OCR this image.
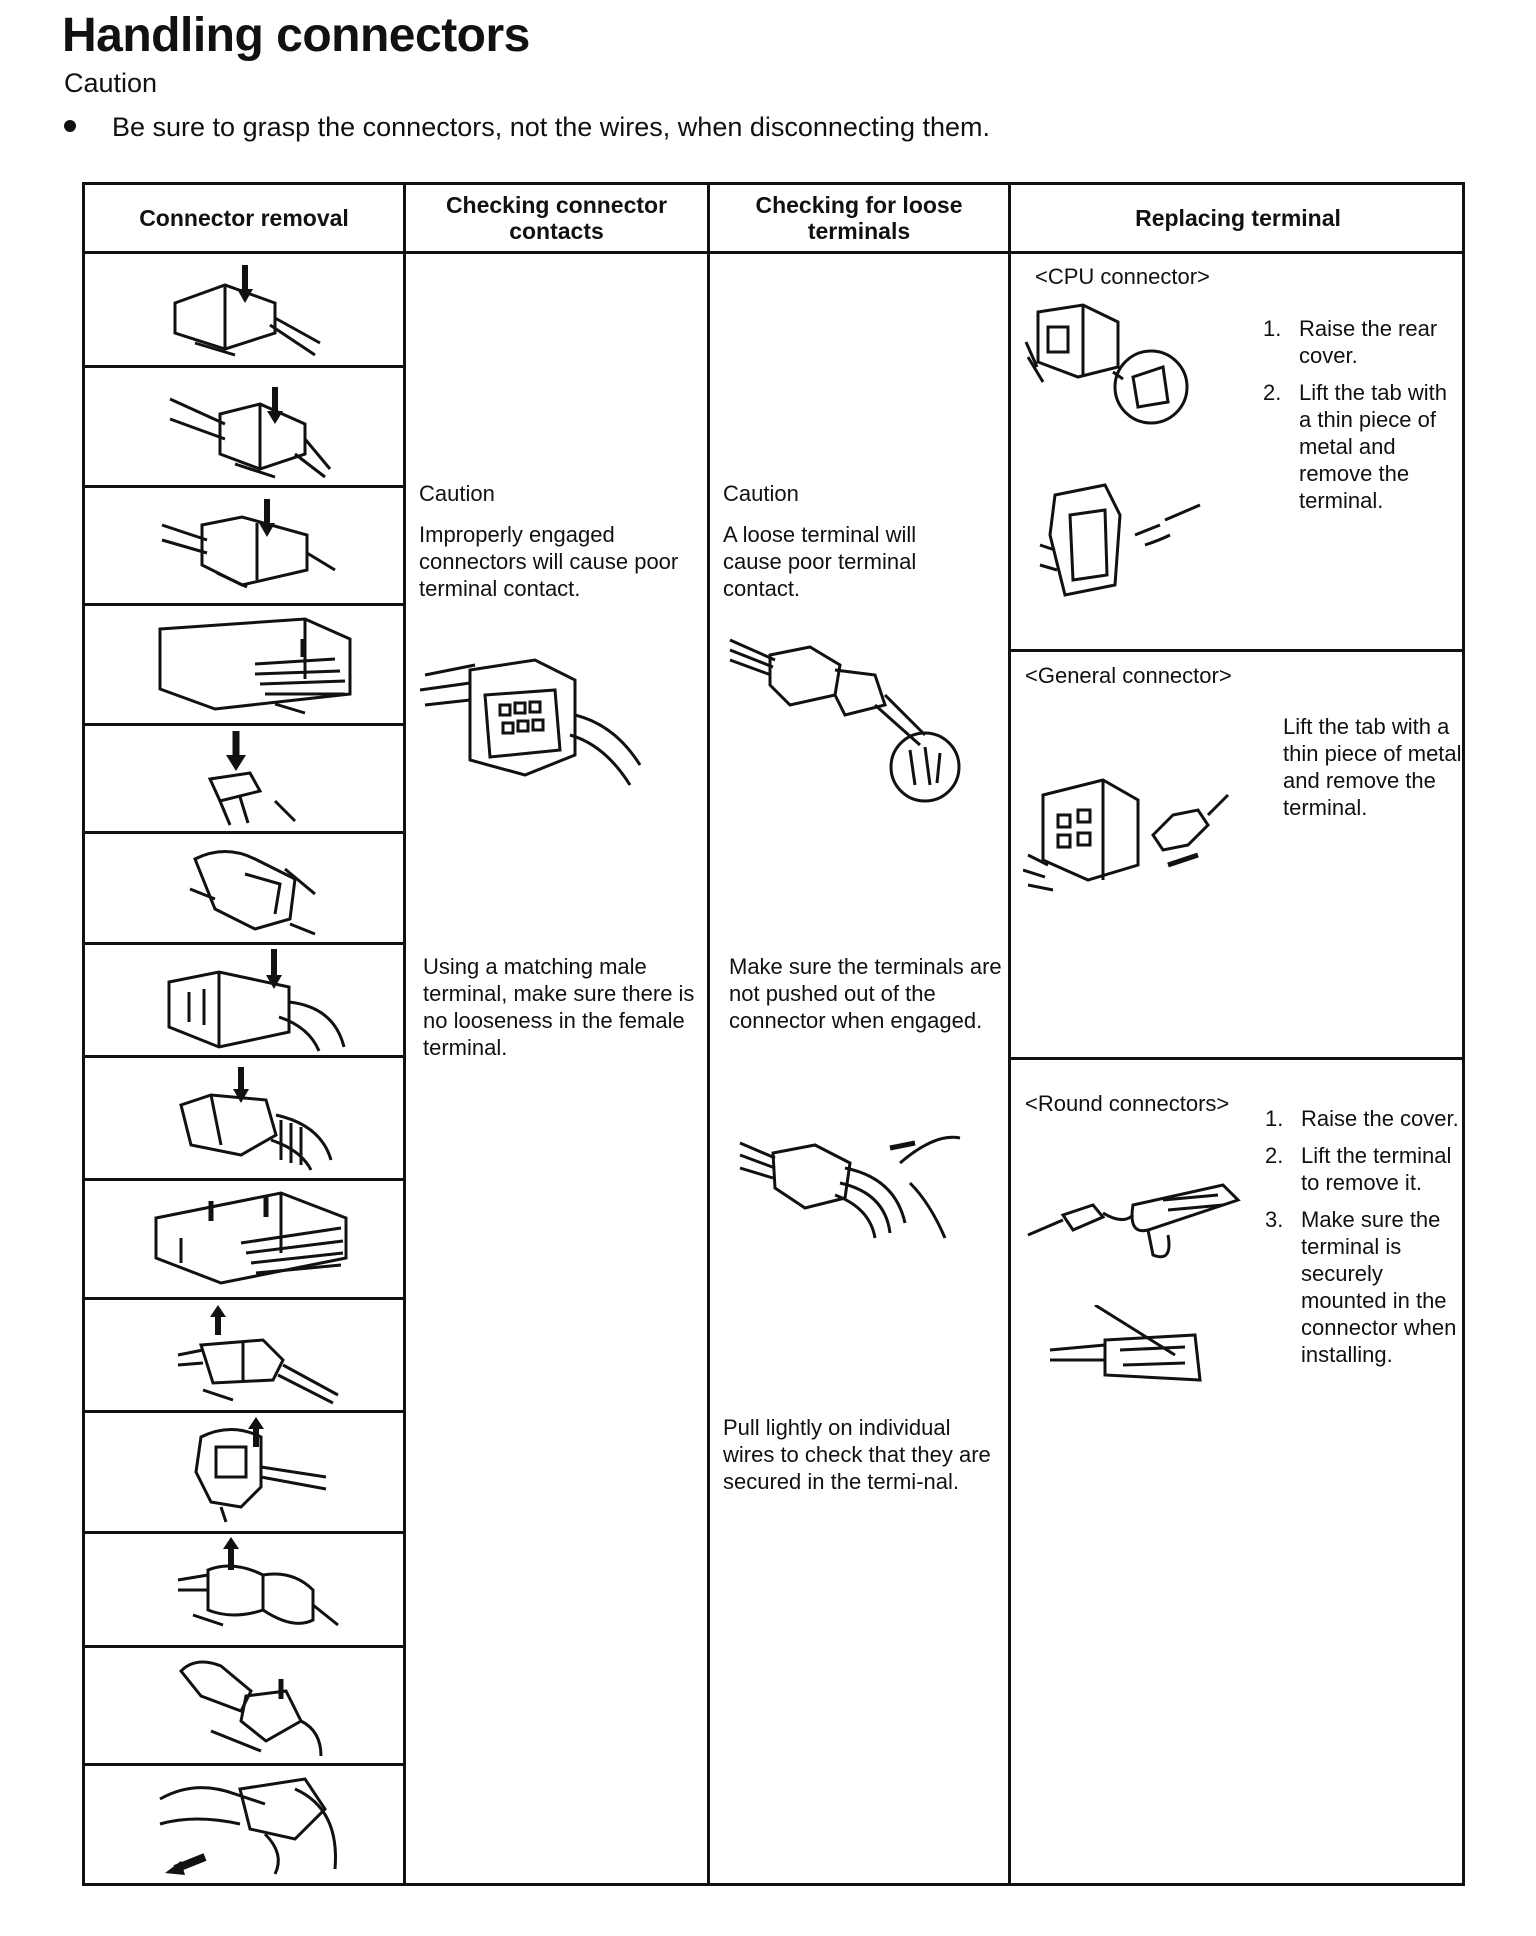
Handling connectors
Caution
Be sure to grasp the connectors, not the wires, when disconnecting them.
Connector removal	Checking connector contacts
Checking for loose terminals	Replacing terminal
Caution
Improperly engaged connectors will cause poor terminal contact.
Using a matching male terminal, make sure there is no looseness in the female terminal.
Caution
A loose terminal will cause poor terminal contact.
Make sure the terminals are not pushed out of the connector when engaged.
Pull lightly on individual wires to check that they are secured in the termi-nal.
<CPU connector>
1. Raise the rear cover.
2. Lift the tab with a thin piece of metal and remove the terminal.
<General connector>
Lift the tab with a thin piece of metal and remove the terminal.
<Round connectors>
1. Raise the cover.
2. Lift the terminal to remove it.
3. Make sure the terminal is securely mounted in the connector when installing.
